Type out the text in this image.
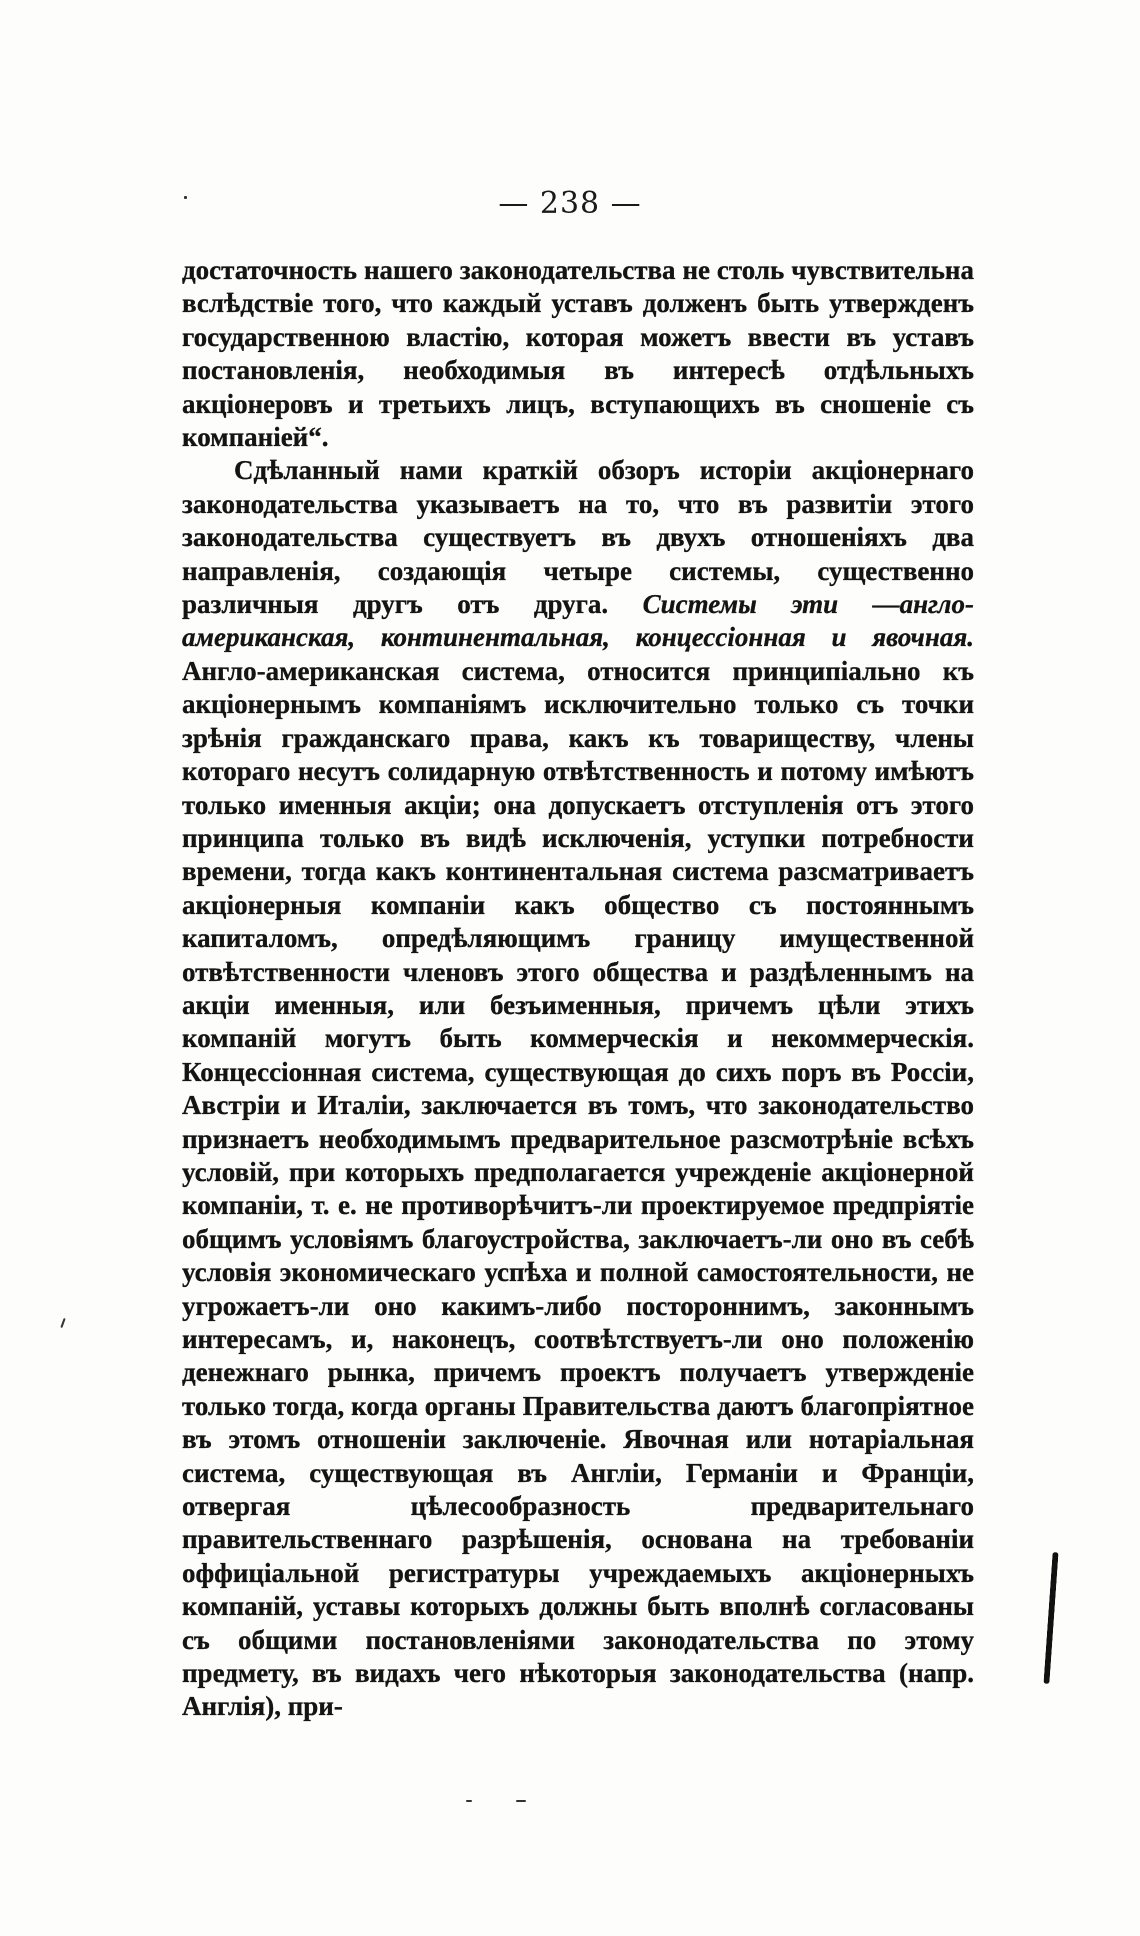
— 238 —

достаточность нашего законодательства не столь чувствительна вслѣдствіе того, что каждый уставъ долженъ быть утвержденъ государственною властію, которая можетъ ввести въ уставъ постановленія, необходимыя въ интересѣ отдѣльныхъ акціонеровъ и третьихъ лицъ, вступающихъ въ сношеніе съ компаніей“.

Сдѣланный нами краткій обзоръ исторіи акціонернаго законодательства указываетъ на то, что въ развитіи этого законодательства существуетъ въ двухъ отношеніяхъ два направленія, создающія четыре системы, существенно различныя другъ отъ друга. Системы эти —англо-американская, континентальная, концессіонная и явочная. Англо-американская система, относится принципіально къ акціонернымъ компаніямъ исключительно только съ точки зрѣнія гражданскаго права, какъ къ товариществу, члены котораго несутъ солидарную отвѣтственность и потому имѣютъ только именныя акціи; она допускаетъ отступленія отъ этого принципа только въ видѣ исключенія, уступки потребности времени, тогда какъ континентальная система разсматриваетъ акціонерныя компаніи какъ общество съ постояннымъ капиталомъ, опредѣляющимъ границу имущественной отвѣтственности членовъ этого общества и раздѣленнымъ на акціи именныя, или безъименныя, причемъ цѣли этихъ компаній могутъ быть коммерческія и некоммерческія. Концессіонная система, существующая до сихъ поръ въ Россіи, Австріи и Италіи, заключается въ томъ, что законодательство признаетъ необходимымъ предварительное разсмотрѣніе всѣхъ условій, при которыхъ предполагается учрежденіе акціонерной компаніи, т. е. не противорѣчитъ-ли проектируемое предпріятіе общимъ условіямъ благоустройства, заключаетъ-ли оно въ себѣ условія экономическаго успѣха и полной самостоятельности, не угрожаетъ-ли оно какимъ-либо постороннимъ, законнымъ интересамъ, и, наконецъ, соотвѣтствуетъ-ли оно положенію денежнаго рынка, причемъ проектъ получаетъ утвержденіе только тогда, когда органы Правительства даютъ благопріятное въ этомъ отношеніи заключеніе. Явочная или нотаріальная система, существующая въ Англіи, Германіи и Франціи, отвергая цѣлесообразность предварительнаго правительственнаго разрѣшенія, основана на требованіи оффиціальной регистратуры учреждаемыхъ акціонерныхъ компаній, уставы которыхъ должны быть вполнѣ согласованы съ общими постановленіями законодательства по этому предмету, въ видахъ чего нѣкоторыя законодательства (напр. Англія), при-
